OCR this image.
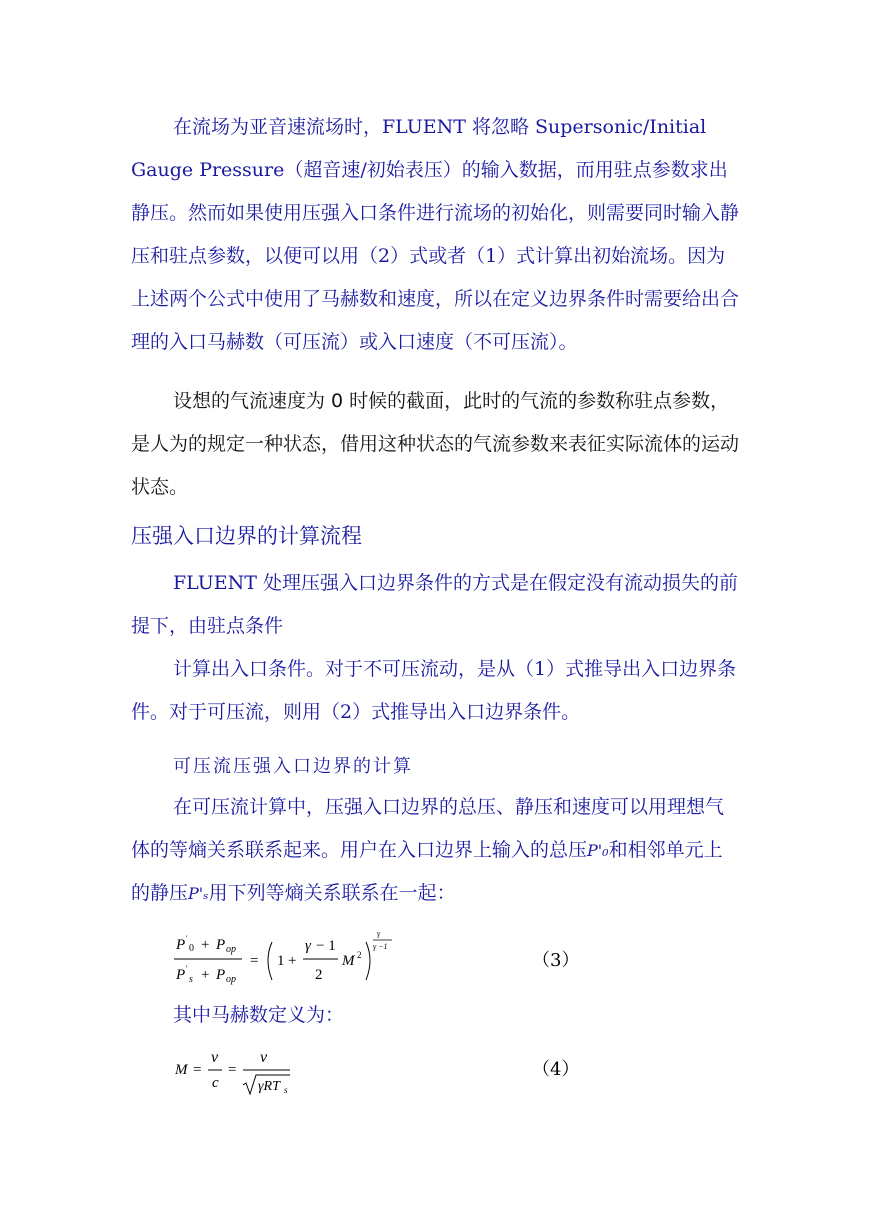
在流场为亚音速流场时，FLUENT 将忽略 Supersonic/Initial Gauge Pressure（超音速/初始表压）的输入数据，而用驻点参数求出静压。然而如果使用压强入口条件进行流场的初始化，则需要同时输入静压和驻点参数，以便可以用（2）式或者（1）式计算出初始流场。因为上述两个公式中使用了马赫数和速度，所以在定义边界条件时需要给出合理的入口马赫数（可压流）或入口速度（不可压流）。

设想的气流速度为 0 时候的截面，此时的气流的参数称驻点参数，是人为的规定一种状态，借用这种状态的气流参数来表征实际流体的运动状态。

压强入口边界的计算流程

FLUENT 处理压强入口边界条件的方式是在假定没有流动损失的前提下，由驻点条件

计算出入口条件。对于不可压流动，是从（1）式推导出入口边界条件。对于可压流，则用（2）式推导出入口边界条件。

可压流压强入口边界的计算

在可压流计算中，压强入口边界的总压、静压和速度可以用理想气体的等熵关系联系起来。用户在入口边界上输入的总压P'₀和相邻单元上的静压P'ₛ用下列等熵关系联系在一起：

P '
0 + P op
P '
s + P op
= 1 +
γ − 1
2
M 2
γ
γ −1
（3）

其中马赫数定义为：

M =
v
c
=
v
γRT s
（4）
